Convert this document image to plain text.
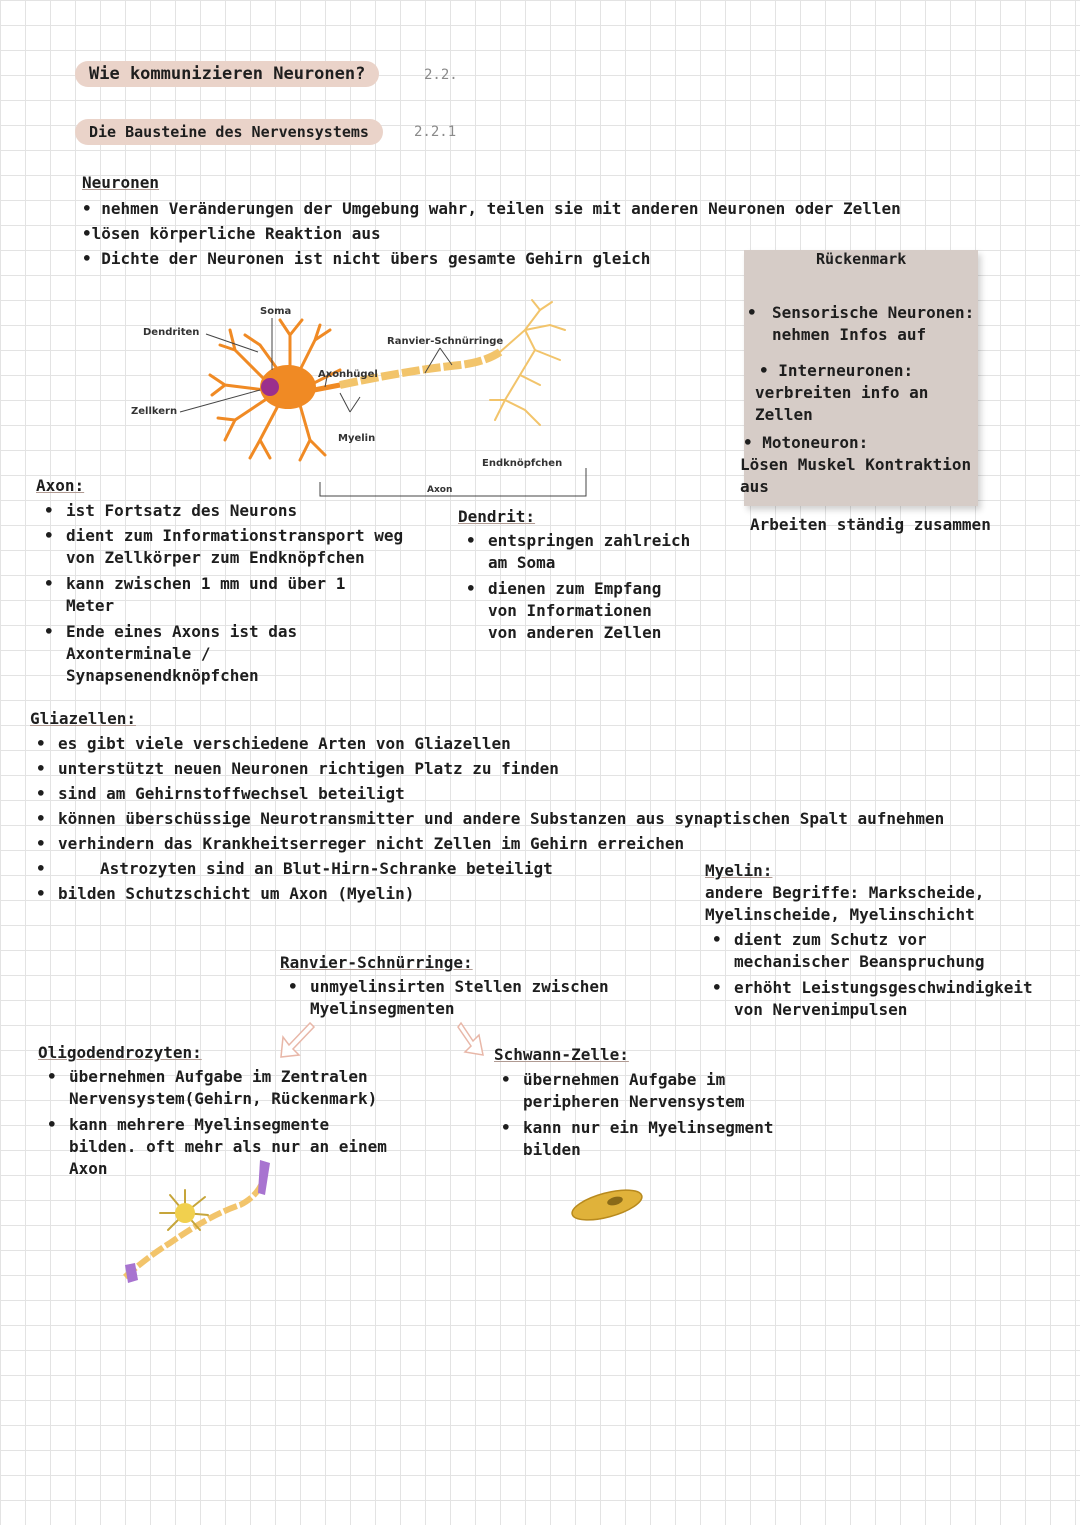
Wie kommunizieren Neuronen?	2.2.
Die Bausteine des Nervensystems	2.2.1
Neuronen
• nehmen Veränderungen der Umgebung wahr, teilen sie mit anderen Neuronen oder Zellen
•lösen körperliche Reaktion aus
• Dichte der Neuronen ist nicht übers gesamte Gehirn gleich
Soma
Dendriten
Ranvier-Schnürringe
Axonhügel
Zellkern
Myelin
Endknöpfchen
Axon
Rückenmark
• Sensorische Neuronen:
nehmen Infos auf
• Interneuronen:
verbreiten info an
Zellen
• Motoneuron:
Lösen Muskel Kontraktion
aus
Arbeiten ständig zusammen
Axon:
• ist Fortsatz des Neurons
• dient zum Informationstransport weg
von Zellkörper zum Endknöpfchen
• kann zwischen 1 mm und über 1
Meter
• Ende eines Axons ist das
Axonterminale /
Synapsenendknöpfchen
Dendrit:
• entspringen zahlreich
am Soma
• dienen zum Empfang
von Informationen
von anderen Zellen
Gliazellen:
• es gibt viele verschiedene Arten von Gliazellen
• unterstützt neuen Neuronen richtigen Platz zu finden
• sind am Gehirnstoffwechsel beteiligt
• können überschüssige Neurotransmitter und andere Substanzen aus synaptischen Spalt aufnehmen
• verhindern das Krankheitserreger nicht Zellen im Gehirn erreichen
•	Astrozyten sind an Blut-Hirn-Schranke beteiligt
• bilden Schutzschicht um Axon (Myelin)
Myelin:
andere Begriffe: Markscheide,
Myelinscheide, Myelinschicht
• dient zum Schutz vor
mechanischer Beanspruchung
• erhöht Leistungsgeschwindigkeit
von Nervenimpulsen
Ranvier-Schnürringe:
• unmyelinsirten Stellen zwischen
Myelinsegmenten
Oligodendrozyten:
• übernehmen Aufgabe im Zentralen
Nervensystem(Gehirn, Rückenmark)
• kann mehrere Myelinsegmente
bilden. oft mehr als nur an einem
Axon
Schwann-Zelle:
• übernehmen Aufgabe im
peripheren Nervensystem
• kann nur ein Myelinsegment
bilden
